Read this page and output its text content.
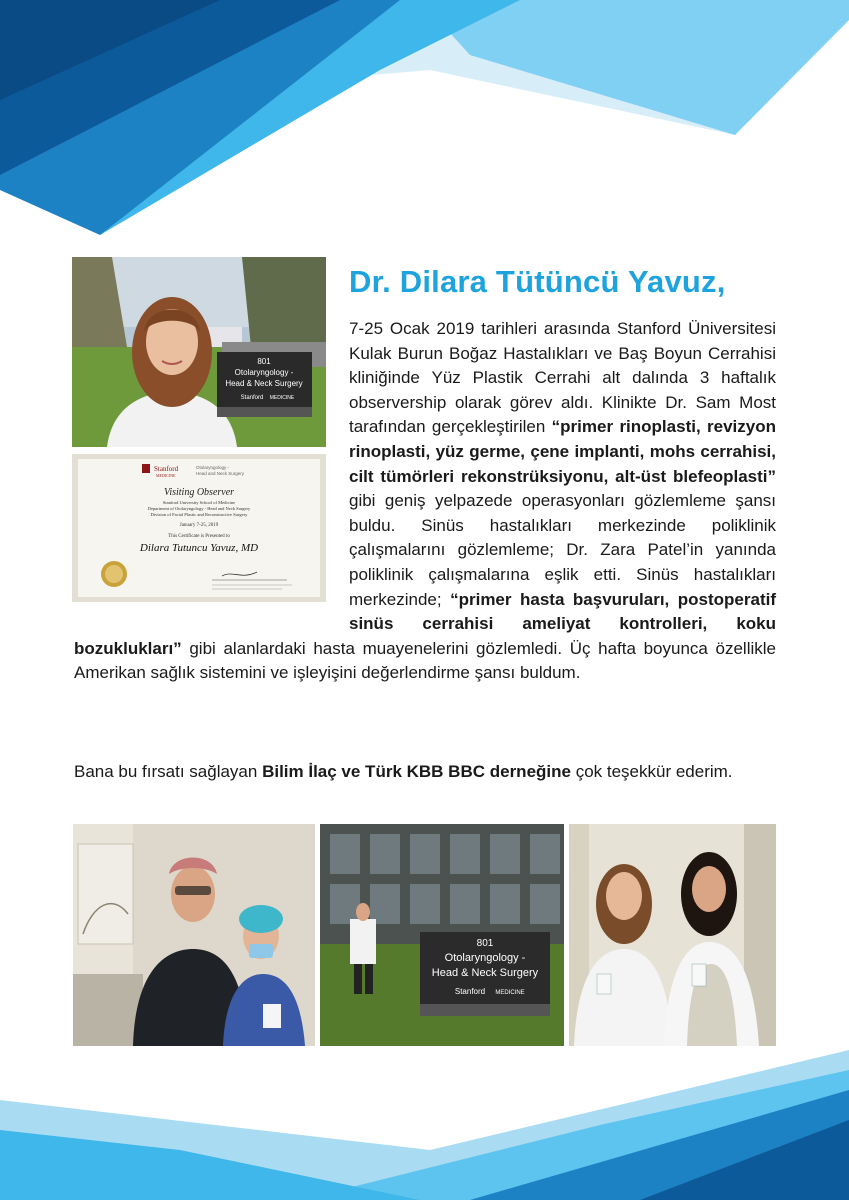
801
Otolaryngology -
Head & Neck Surgery
Stanford MEDICINE
Stanford
MEDICINE
Otolaryngology -
Head and Neck Surgery
Visiting Observer
Stanford University School of Medicine
Department of Otolaryngology - Head and Neck Surgery
Division of Facial Plastic and Reconstructive Surgery
January 7-25, 2019
This Certificate is Presented to
Dilara Tutuncu Yavuz, MD
Dr. Dilara Tütüncü Yavuz,
7-25 Ocak 2019 tarihleri arasında Stanford Üniversitesi Kulak Burun Boğaz Hastalıkları ve Baş Boyun Cerrahisi kliniğinde Yüz Plastik Cerrahi alt dalında 3 haftalık observership olarak görev aldı. Klinikte Dr. Sam Most tarafından gerçekleştirilen “primer rinoplasti, revizyon rinoplasti, yüz germe, çene implanti, mohs cerrahisi, cilt tümörleri rekonstrüksiyonu, alt-üst blefeoplasti” gibi geniş yelpazede operasyonları gözlemleme şansı buldu. Sinüs hastalıkları merkezinde poliklinik çalışmalarını gözlemleme; Dr. Zara Patel’in yanında poliklinik çalışmalarına eşlik etti. Sinüs hastalıkları merkezinde; “primer hasta başvuruları, postoperatif sinüs cerrahisi ameliyat kontrolleri, koku bozuklukları” gibi alanlardaki hasta muayenelerini gözlemledi. Üç hafta boyunca özellikle Amerikan sağlık sistemini ve işleyişini değerlendirme şansı buldum.
Bana bu fırsatı sağlayan Bilim İlaç ve Türk KBB BBC derneğine çok teşekkür ederim.
801
Otolaryngology -
Head & Neck Surgery
Stanford MEDICINE
